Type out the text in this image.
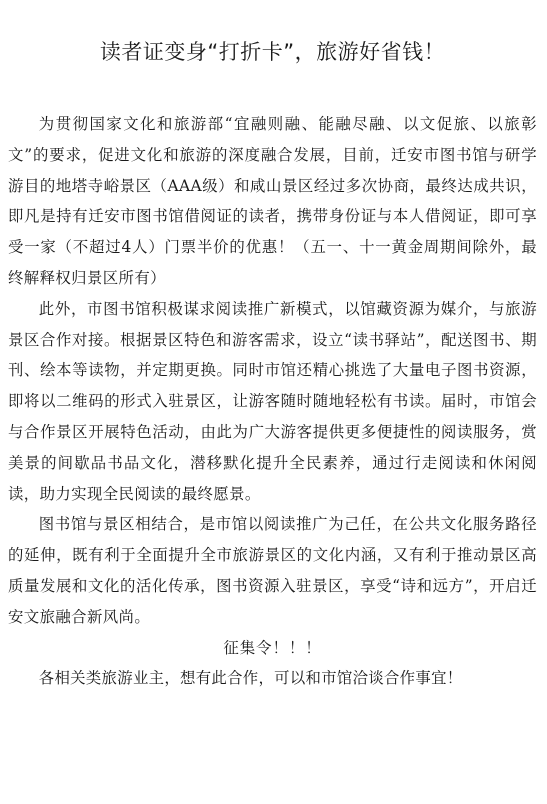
读者证变身“打折卡”，旅游好省钱！

为贯彻国家文化和旅游部“宜融则融、能融尽融、以文促旅、以旅彰文”的要求，促进文化和旅游的深度融合发展，目前，迁安市图书馆与研学游目的地塔寺峪景区（AAA级）和咸山景区经过多次协商，最终达成共识，即凡是持有迁安市图书馆借阅证的读者，携带身份证与本人借阅证，即可享受一家（不超过4人）门票半价的优惠！（五一、十一黄金周期间除外，最终解释权归景区所有）

此外，市图书馆积极谋求阅读推广新模式，以馆藏资源为媒介，与旅游景区合作对接。根据景区特色和游客需求，设立“读书驿站”，配送图书、期刊、绘本等读物，并定期更换。同时市馆还精心挑选了大量电子图书资源，即将以二维码的形式入驻景区，让游客随时随地轻松有书读。届时，市馆会与合作景区开展特色活动，由此为广大游客提供更多便捷性的阅读服务，赏美景的间歇品书品文化，潜移默化提升全民素养，通过行走阅读和休闲阅读，助力实现全民阅读的最终愿景。

图书馆与景区相结合，是市馆以阅读推广为己任，在公共文化服务路径的延伸，既有利于全面提升全市旅游景区的文化内涵，又有利于推动景区高质量发展和文化的活化传承，图书资源入驻景区，享受“诗和远方”，开启迁安文旅融合新风尚。

征集令！！！

各相关类旅游业主，想有此合作，可以和市馆洽谈合作事宜！
